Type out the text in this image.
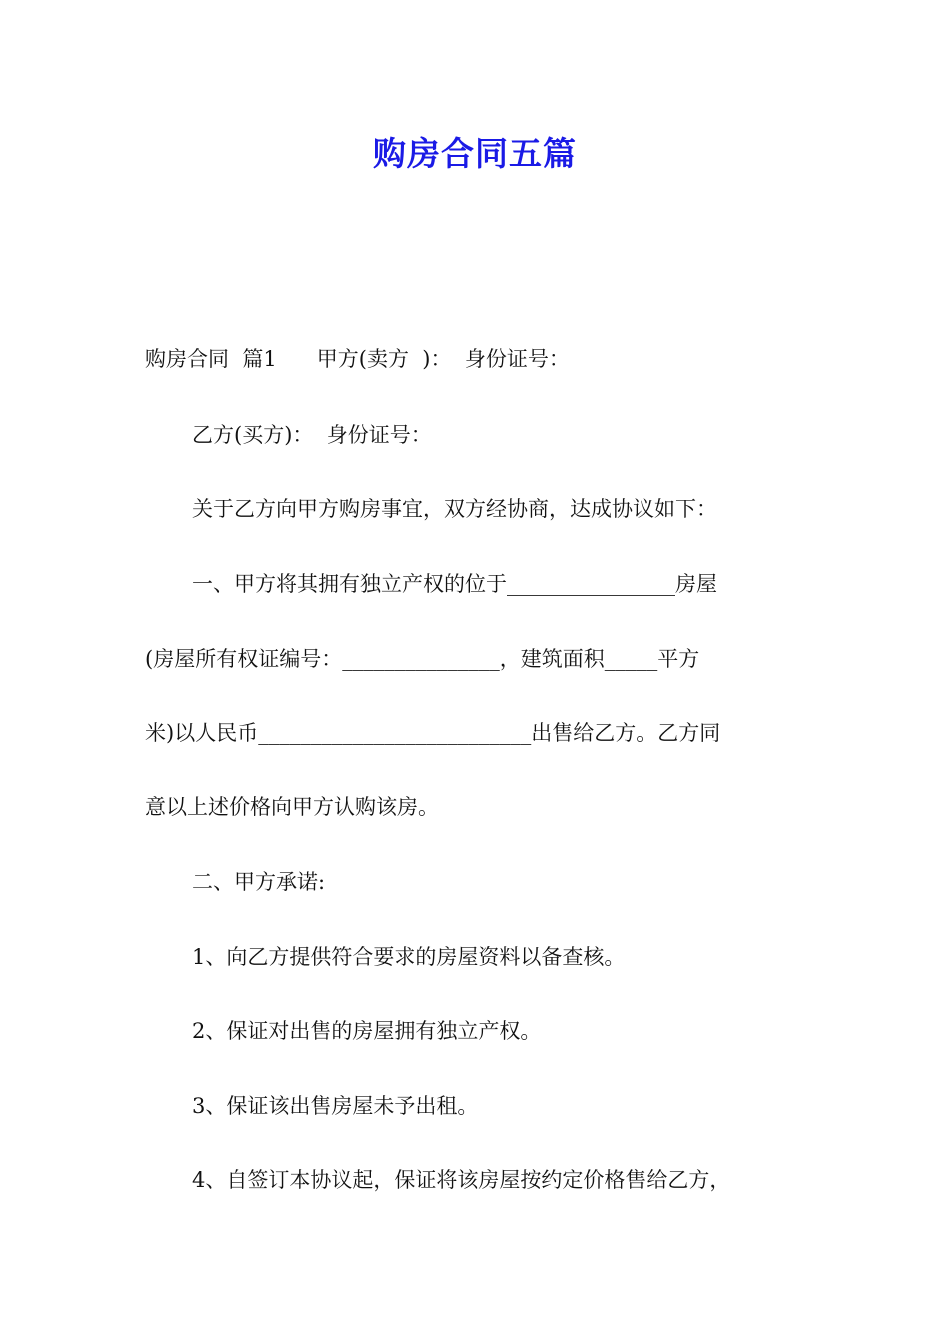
购房合同五篇
购房合同  篇1      甲方(卖方  )：  身份证号：
乙方(买方)：  身份证号：
关于乙方向甲方购房事宜，双方经协商，达成协议如下：
一、甲方将其拥有独立产权的位于________________房屋
(房屋所有权证编号：_______________，建筑面积_____平方
米)以人民币__________________________出售给乙方。乙方同
意以上述价格向甲方认购该房。
二、甲方承诺:
1、向乙方提供符合要求的房屋资料以备查核。
2、保证对出售的房屋拥有独立产权。
3、保证该出售房屋未予出租。
4、自签订本协议起，保证将该房屋按约定价格售给乙方，
